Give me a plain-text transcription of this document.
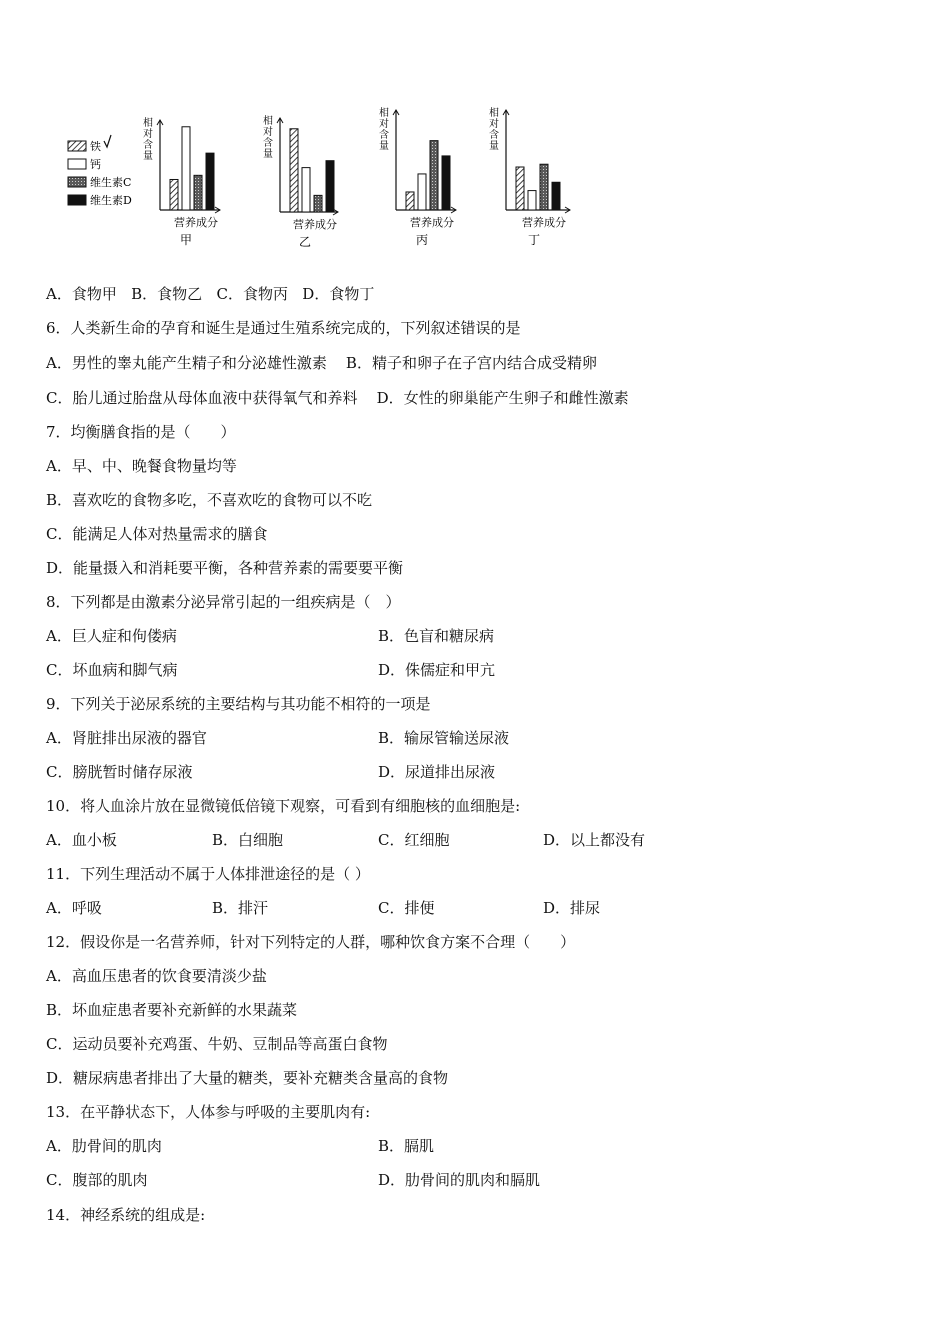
铁
钙
维生素C
维生素D
相对含量
营养成分
甲
相对含量
营养成分
乙
相对含量
营养成分
丙
相对含量
营养成分
丁
A．食物甲 B．食物乙 C．食物丙 D．食物丁
6．人类新生命的孕育和诞生是通过生殖系统完成的，下列叙述错误的是
A．男性的睾丸能产生精子和分泌雄性激素 B．精子和卵子在子宫内结合成受精卵
C．胎儿通过胎盘从母体血液中获得氧气和养料 D．女性的卵巢能产生卵子和雌性激素
7．均衡膳食指的是（　　）
A．早、中、晚餐食物量均等
B．喜欢吃的食物多吃，不喜欢吃的食物可以不吃
C．能满足人体对热量需求的膳食
D．能量摄入和消耗要平衡，各种营养素的需要要平衡
8．下列都是由激素分泌异常引起的一组疾病是（　）
A．巨人症和佝偻病	B．色盲和糖尿病
C．坏血病和脚气病	D．侏儒症和甲亢
9．下列关于泌尿系统的主要结构与其功能不相符的一项是
A．肾脏排出尿液的器官	B．输尿管输送尿液
C．膀胱暂时储存尿液	D．尿道排出尿液
10．将人血涂片放在显微镜低倍镜下观察，可看到有细胞核的血细胞是:
A．血小板	B．白细胞	C．红细胞	D．以上都没有
11．下列生理活动不属于人体排泄途径的是（ ）
A．呼吸	B．排汗	C．排便	D．排尿
12．假设你是一名营养师，针对下列特定的人群，哪种饮食方案不合理（　　）
A．高血压患者的饮食要清淡少盐
B．坏血症患者要补充新鲜的水果蔬菜
C．运动员要补充鸡蛋、牛奶、豆制品等高蛋白食物
D．糖尿病患者排出了大量的糖类，要补充糖类含量高的食物
13．在平静状态下，人体参与呼吸的主要肌肉有:
A．肋骨间的肌肉	B．膈肌
C．腹部的肌肉	D．肋骨间的肌肉和膈肌
14．神经系统的组成是:
